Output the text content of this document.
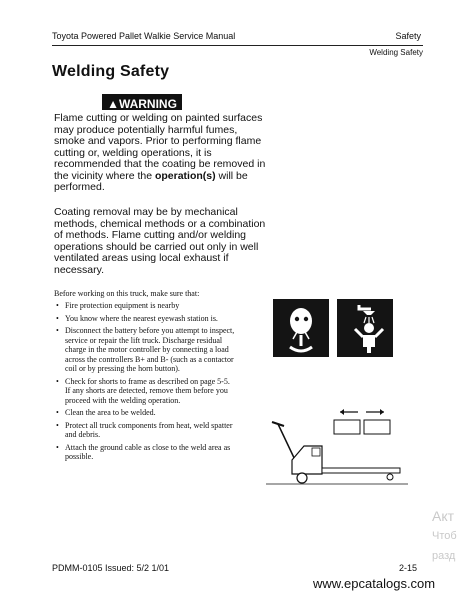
Toyota Powered Pallet Walkie Service Manual	Safety
Welding Safety
Welding Safety
▲WARNING
Flame cutting or welding on painted surfaces may produce potentially harmful fumes, smoke and vapors. Prior to performing flame cutting or, welding operations, it is recommended that the coating be removed in the vicinity where the operation(s) will be performed.
Coating removal may be by mechanical methods, chemical methods or a combination of methods. Flame cutting and/or welding operations should be carried out only in well ventilated areas using local exhaust if necessary.
Before working on this truck, make sure that:
• Fire protection equipment is nearby
• You know where the nearest eyewash station is.
• Disconnect the battery before you attempt to inspect, service or repair the lift truck. Discharge residual charge in the motor controller by connecting a load across the controllers B+ and B- (such as a contactor coil or by pressing the horn button).
• Check for shorts to frame as described on page 5-5. If any shorts are detected, remove them before you proceed with the welding operation.
• Clean the area to be welded.
• Protect all truck components from heat, weld spatter and debris.
• Attach the ground cable as close to the weld area as possible.
Акт
Чтоб
разд
PDMM-0105 Issued: 5/2 1/01	2-15
www.epcatalogs.com
